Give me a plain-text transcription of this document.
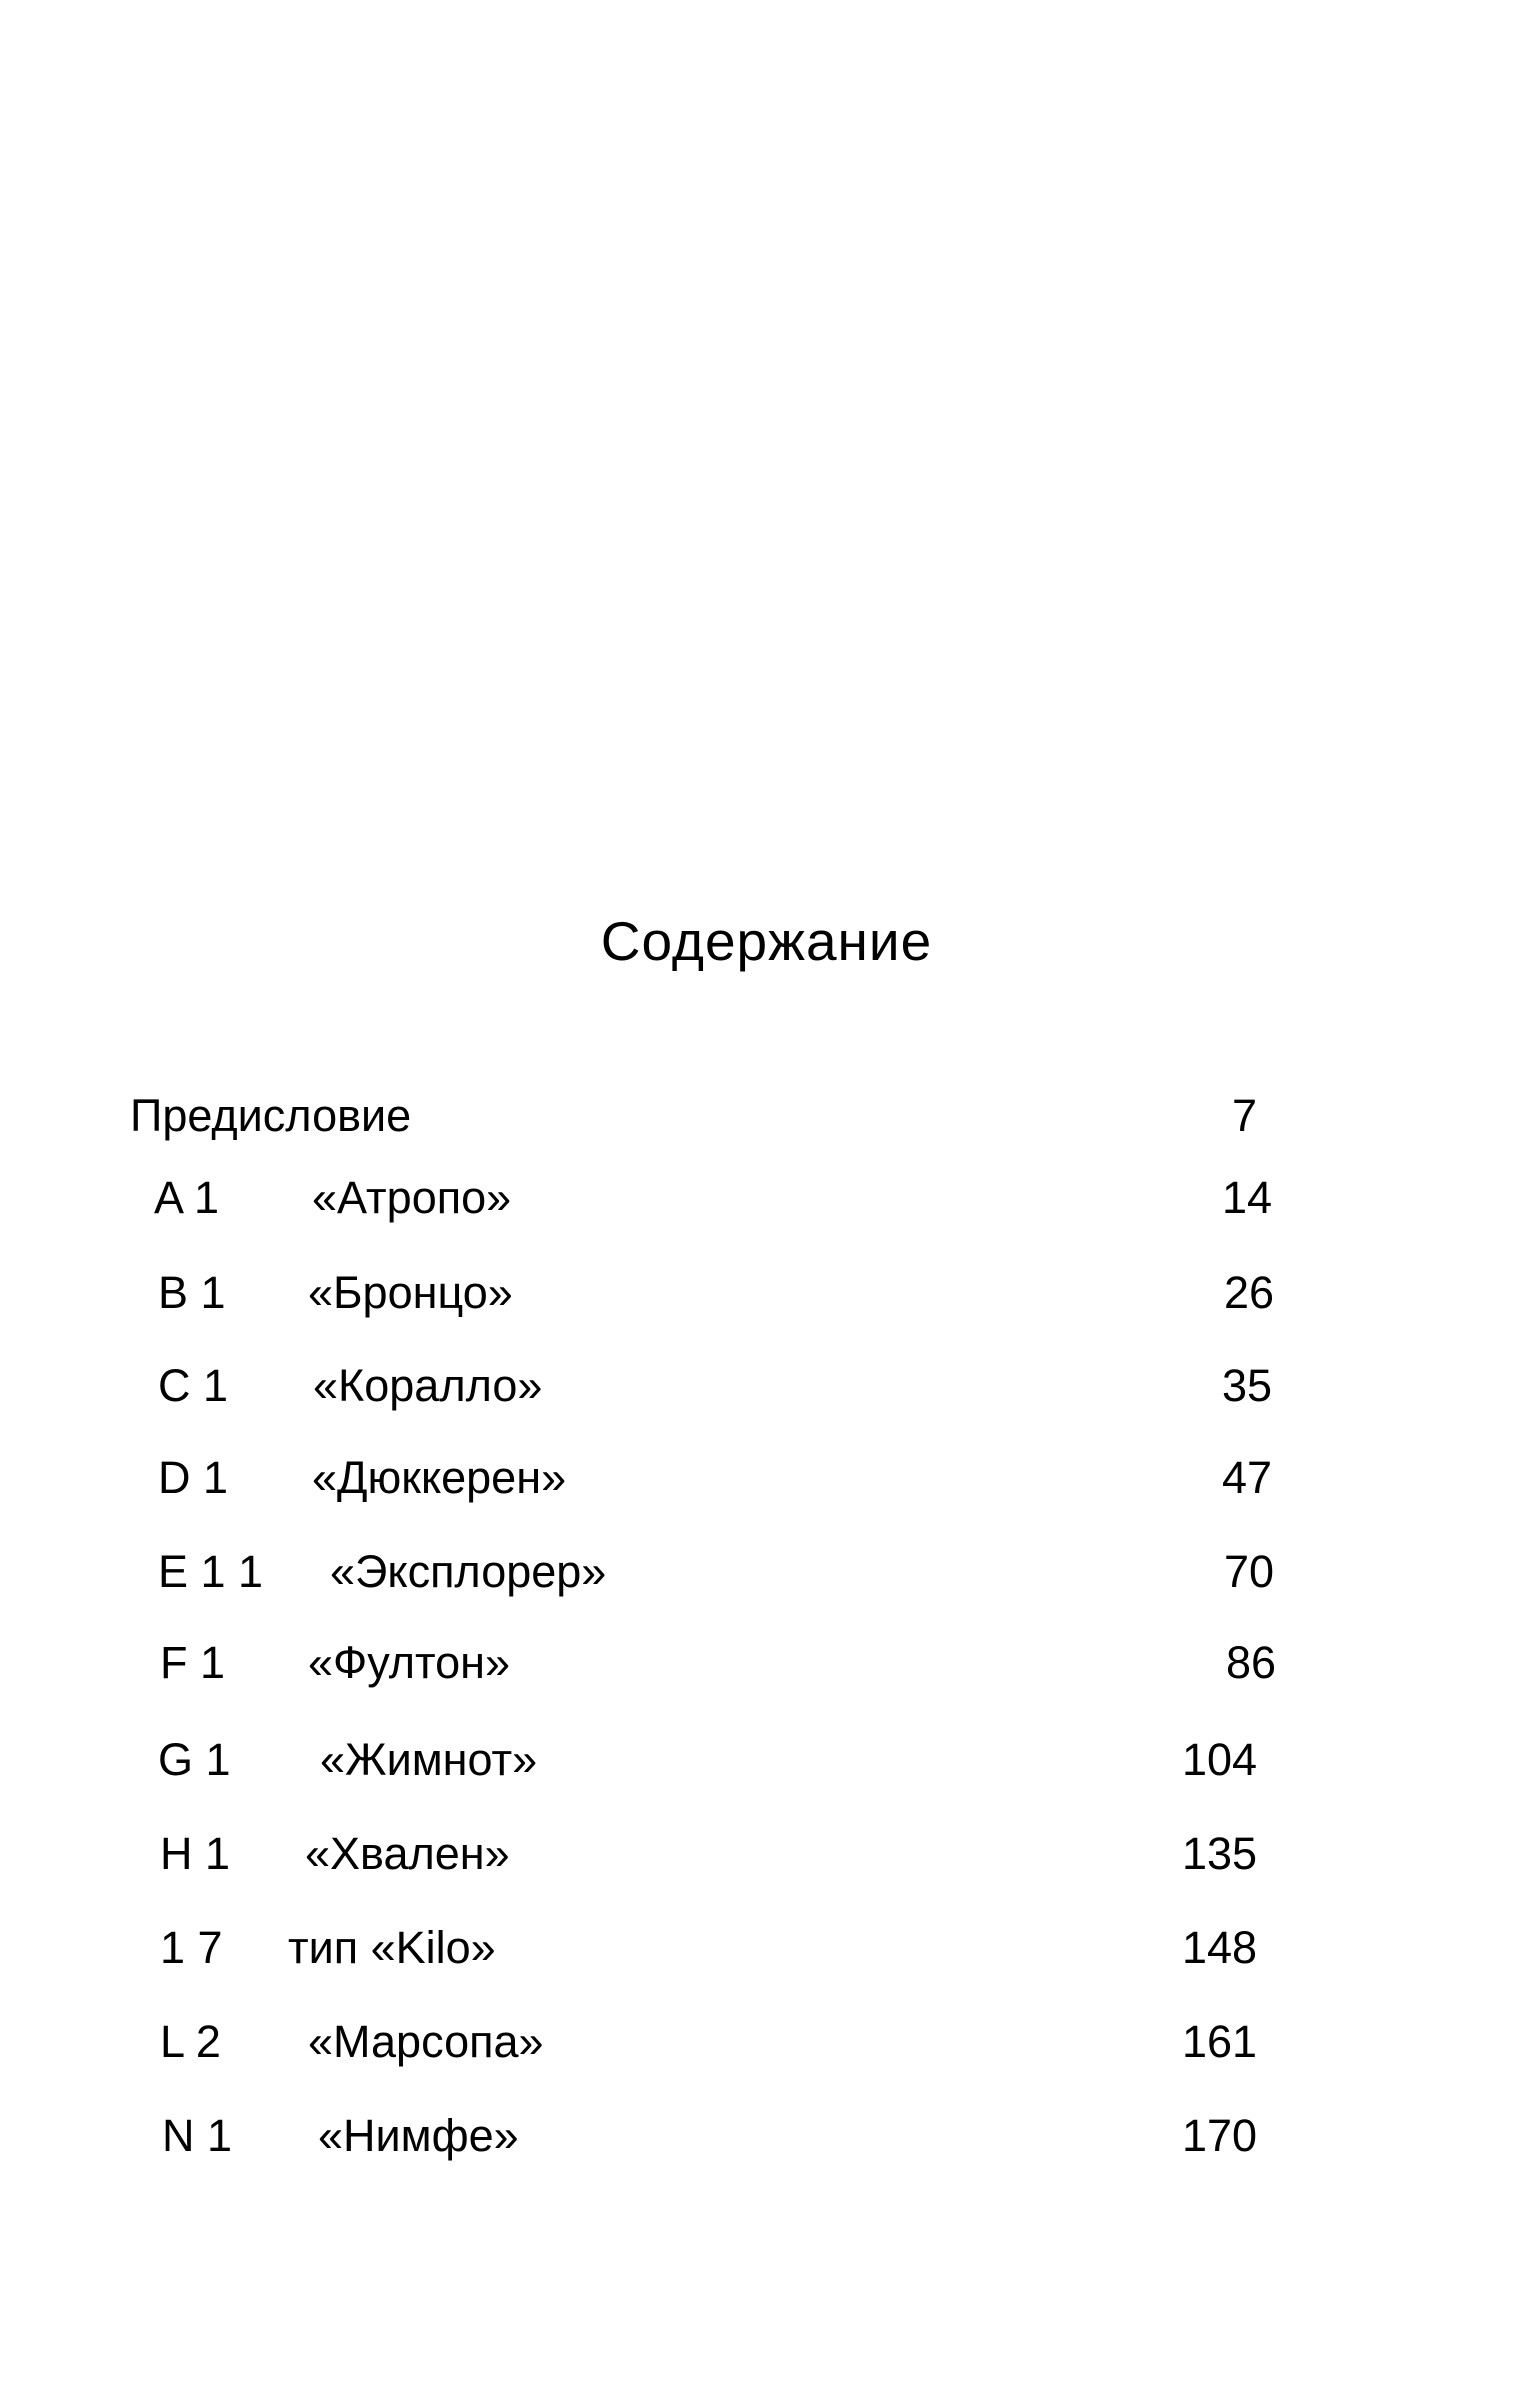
Содержание
Предисловие	7
A 1 «Атропо»	14
B 1 «Бронцо»	26
C 1 «Коралло»	35
D 1 «Дюккерен»	47
E 1 1 «Эксплорер»	70
F 1 «Фултон»	86
G 1 «Жимнот»	104
H 1 «Хвален»	135
1 7 тип «Kilo»	148
L 2 «Марсопа»	161
N 1 «Нимфе»	170
